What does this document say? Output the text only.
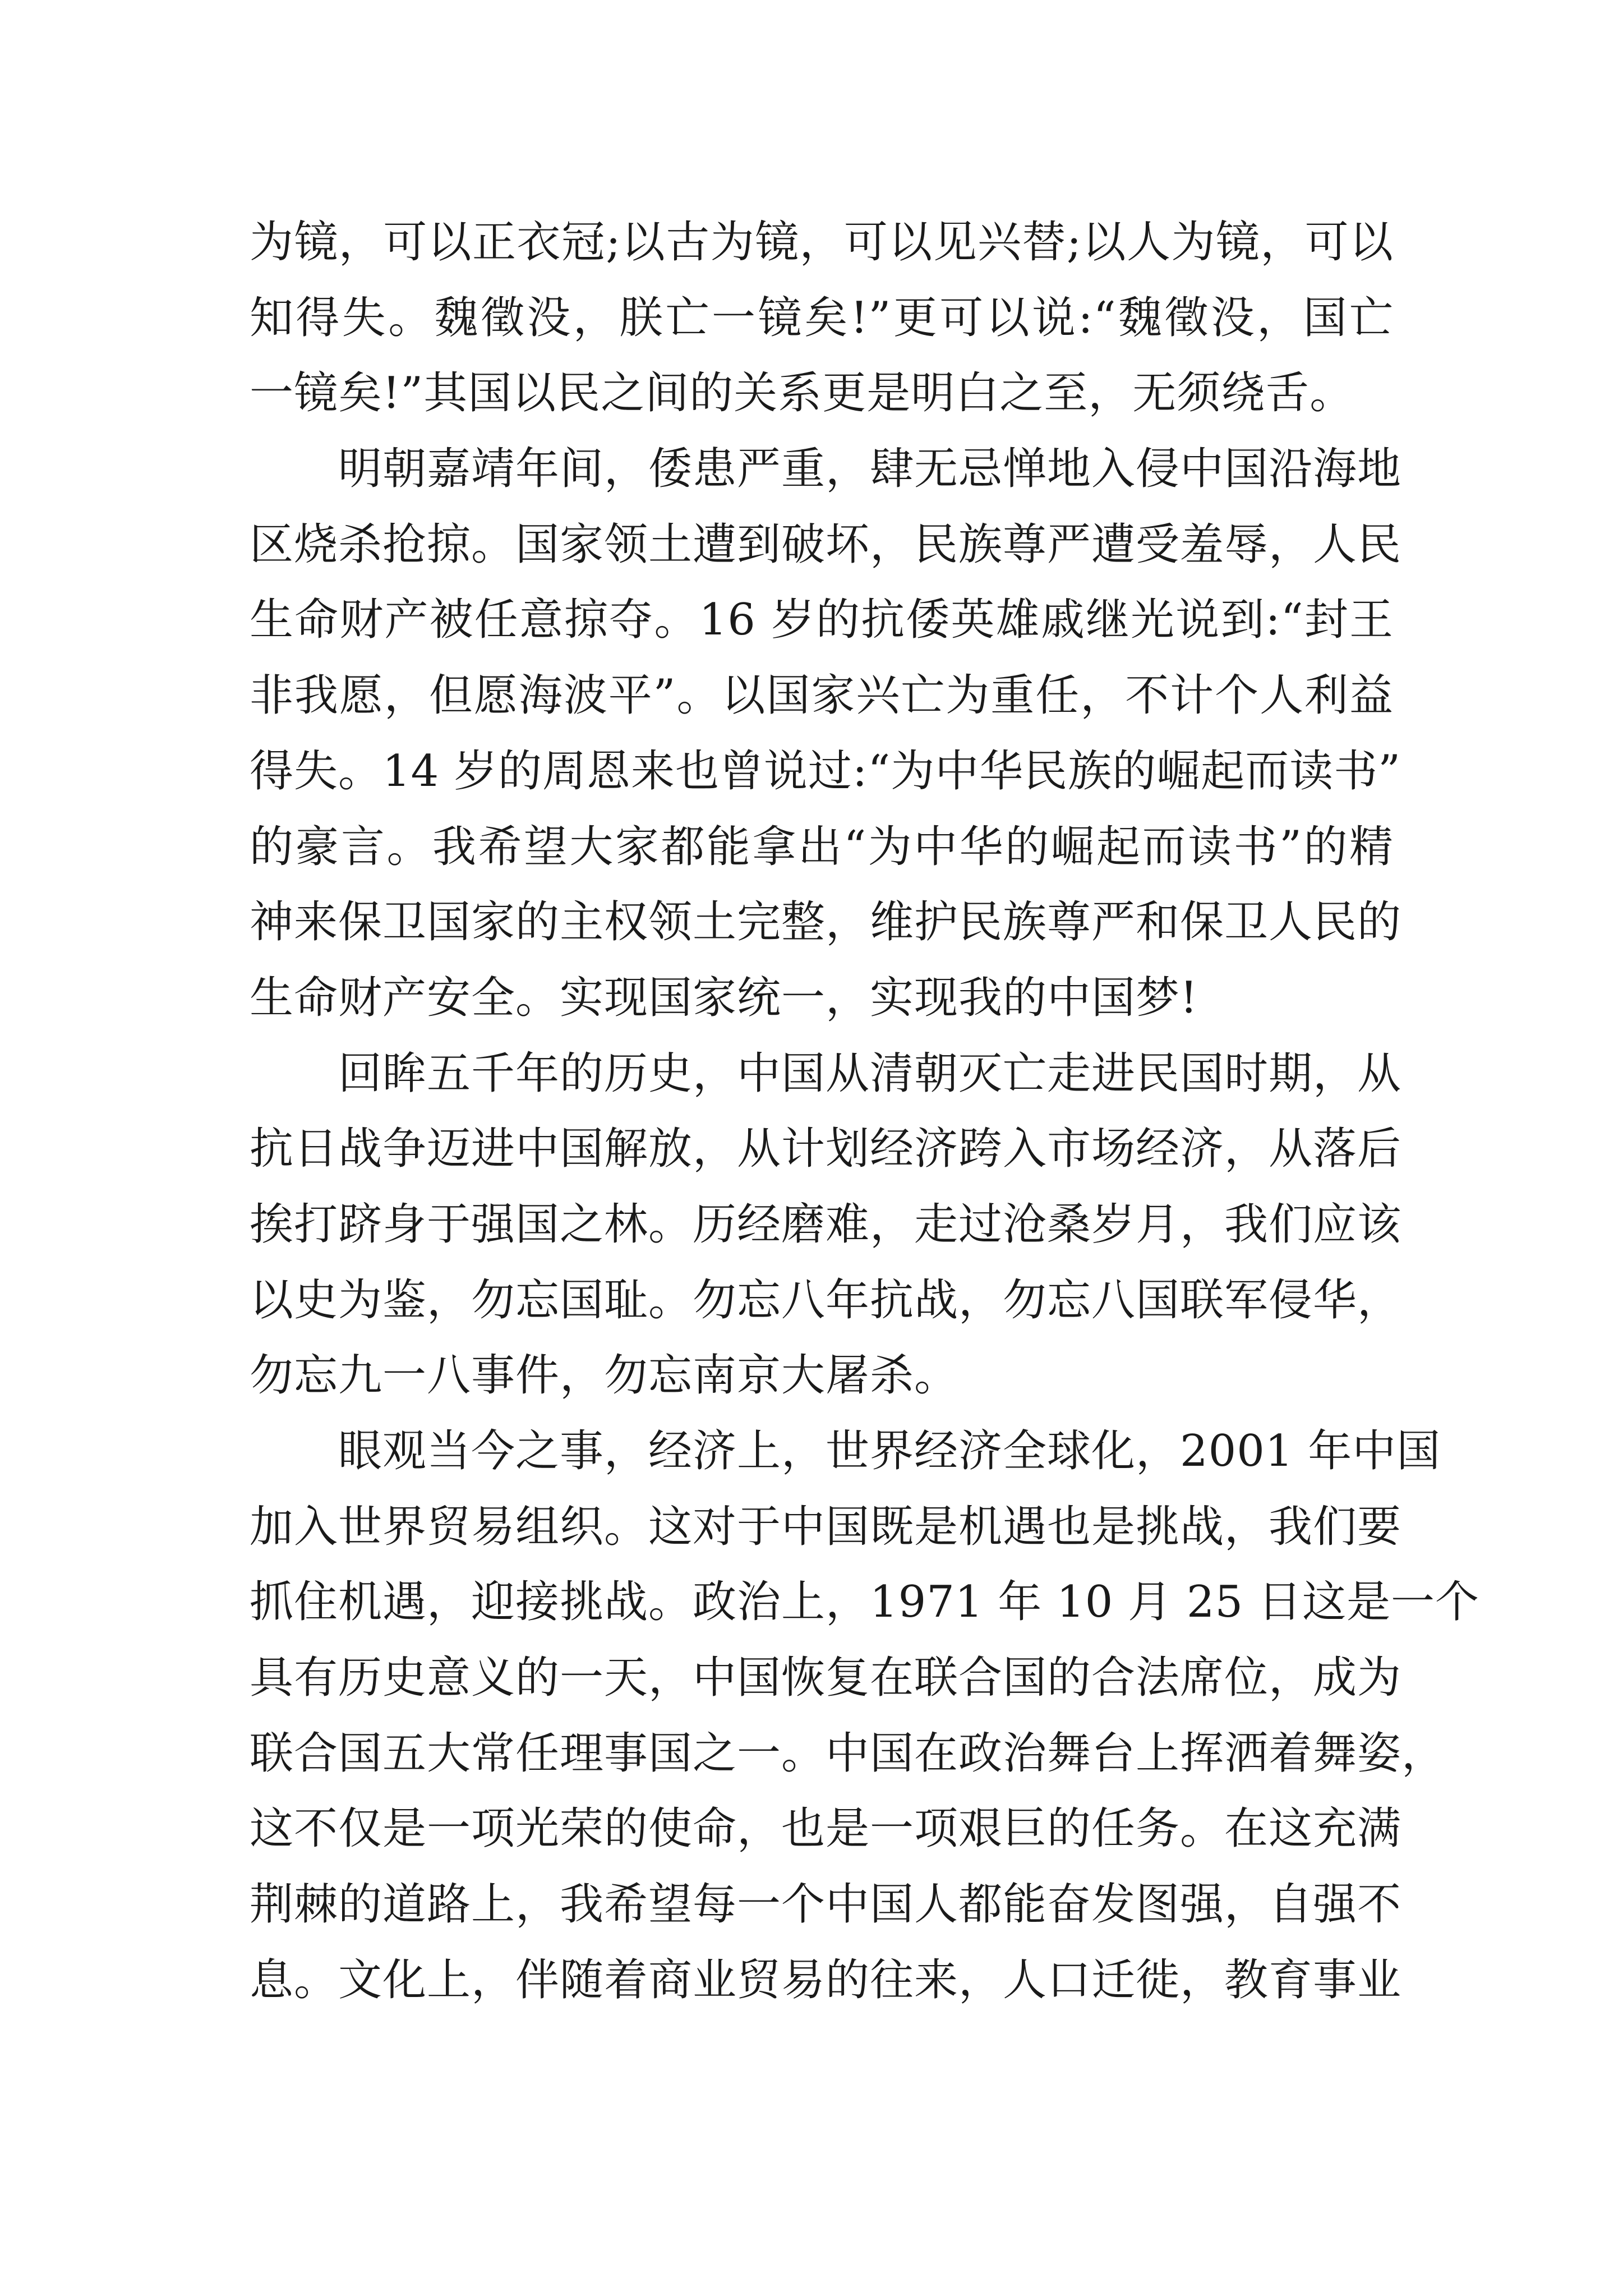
为镜，可以正衣冠;以古为镜，可以见兴替;以人为镜，可以
知得失。魏徵没，朕亡一镜矣!”更可以说:“魏徵没，国亡
一镜矣!”其国以民之间的关系更是明白之至，无须绕舌。
　　明朝嘉靖年间，倭患严重，肆无忌惮地入侵中国沿海地
区烧杀抢掠。国家领土遭到破坏，民族尊严遭受羞辱，人民
生命财产被任意掠夺。16 岁的抗倭英雄戚继光说到:“封王
非我愿，但愿海波平”。以国家兴亡为重任，不计个人利益
得失。14 岁的周恩来也曾说过:“为中华民族的崛起而读书”
的豪言。我希望大家都能拿出“为中华的崛起而读书”的精
神来保卫国家的主权领土完整，维护民族尊严和保卫人民的
生命财产安全。实现国家统一，实现我的中国梦!
　　回眸五千年的历史，中国从清朝灭亡走进民国时期，从
抗日战争迈进中国解放，从计划经济跨入市场经济，从落后
挨打跻身于强国之林。历经磨难，走过沧桑岁月，我们应该
以史为鉴，勿忘国耻。勿忘八年抗战，勿忘八国联军侵华，
勿忘九一八事件，勿忘南京大屠杀。
　　眼观当今之事，经济上，世界经济全球化，2001 年中国
加入世界贸易组织。这对于中国既是机遇也是挑战，我们要
抓住机遇，迎接挑战。政治上，1971 年 10 月 25 日这是一个
具有历史意义的一天，中国恢复在联合国的合法席位，成为
联合国五大常任理事国之一。中国在政治舞台上挥洒着舞姿，
这不仅是一项光荣的使命，也是一项艰巨的任务。在这充满
荆棘的道路上，我希望每一个中国人都能奋发图强，自强不
息。文化上，伴随着商业贸易的往来，人口迁徙，教育事业
